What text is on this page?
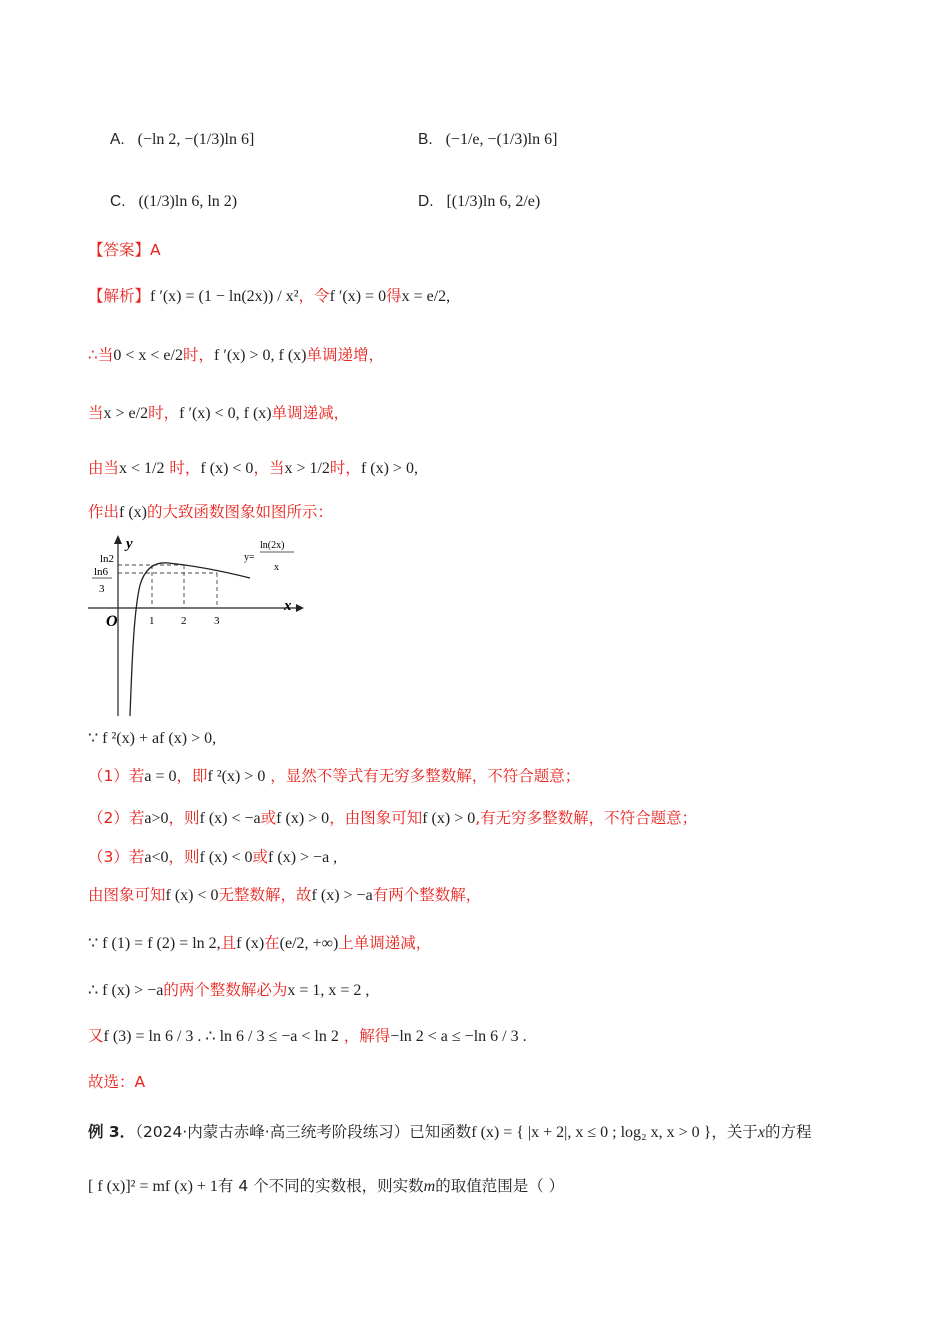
A. (−ln 2, −(1/3)ln 6]	B. (−1/e, −(1/3)ln 6]
C. ((1/3)ln 6, ln 2)	D. [(1/3)ln 6, 2/e)
【答案】A
【解析】f ′(x) = (1 − ln(2x)) / x²，令f ′(x) = 0得x = e/2,
∴当0 < x < e/2时，f ′(x) > 0, f (x)单调递增，
当x > e/2时，f ′(x) < 0, f (x)单调递减，
由当x < 1/2 时，f (x) < 0，当x > 1/2时，f (x) > 0,
作出f (x)的大致函数图象如图所示：
y
x
O
ln2
ln6
3
1 2	3
y=
ln(2x)
x
∵ f ²(x) + af (x) > 0,
（1）若a = 0，即f ²(x) > 0 ，显然不等式有无穷多整数解，不符合题意；
（2）若a>0，则f (x) < −a或f (x) > 0，由图象可知f (x) > 0,有无穷多整数解，不符合题意；
（3）若a<0，则f (x) < 0或f (x) > −a ,
由图象可知f (x) < 0无整数解，故f (x) > −a有两个整数解，
∵ f (1) = f (2) = ln 2,且f (x)在(e/2, +∞)上单调递减，
∴ f (x) > −a的两个整数解必为x = 1, x = 2 ,
又f (3) = ln 6 / 3 . ∴ ln 6 / 3 ≤ −a < ln 2 ，解得−ln 2 < a ≤ −ln 6 / 3 .
故选：A
例 3．（2024·内蒙古赤峰·高三统考阶段练习）已知函数f (x) = { |x + 2|, x ≤ 0 ; log₂ x, x > 0 }，关于x的方程
[ f (x)]² = mf (x) + 1有 4 个不同的实数根，则实数m的取值范围是（ ）
